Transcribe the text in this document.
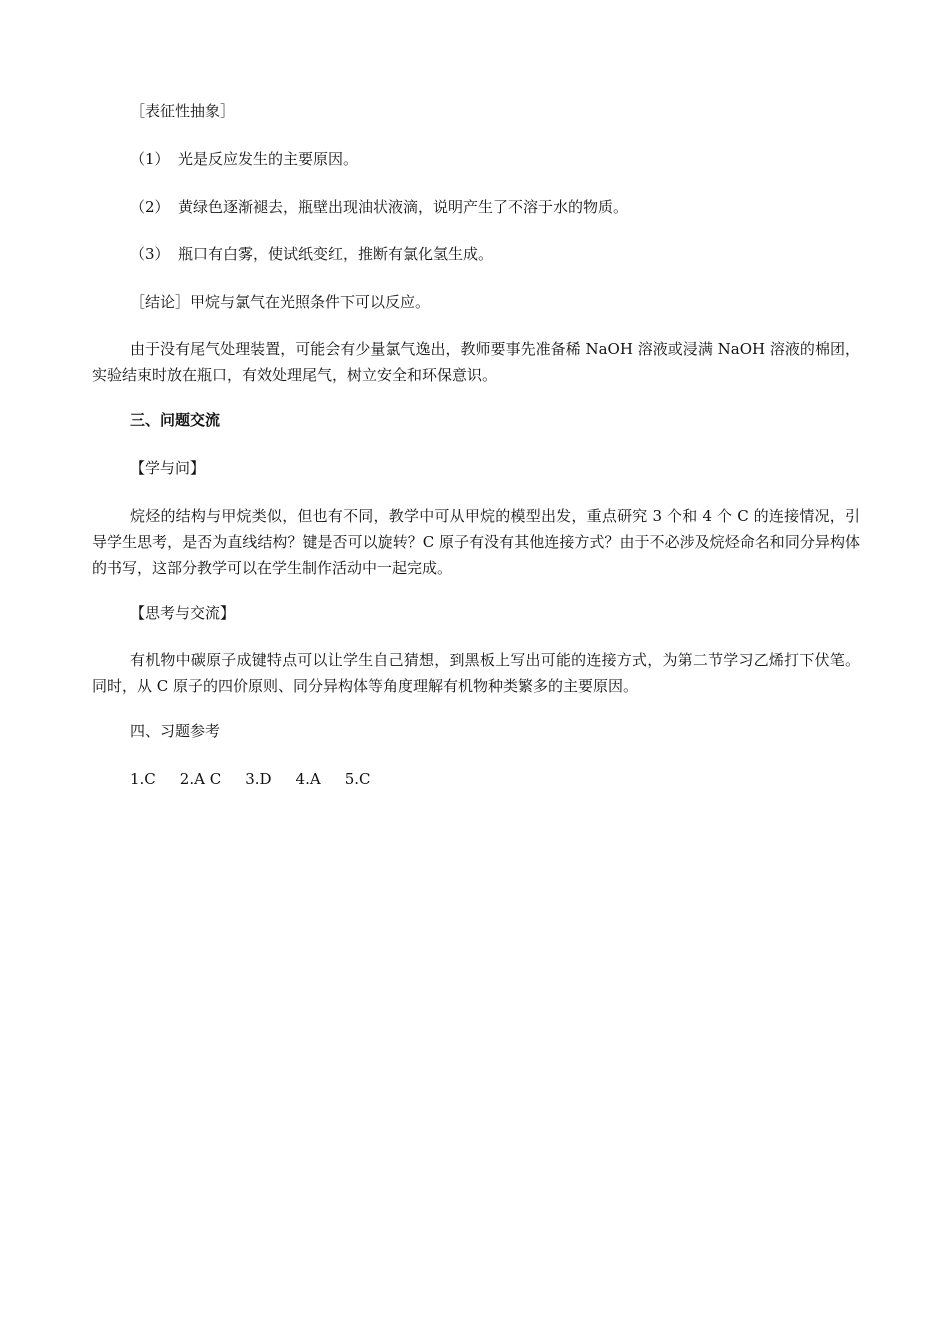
［表征性抽象］

（1） 光是反应发生的主要原因。

（2） 黄绿色逐渐褪去，瓶壁出现油状液滴，说明产生了不溶于水的物质。

（3） 瓶口有白雾，使试纸变红，推断有氯化氢生成。

［结论］甲烷与氯气在光照条件下可以反应。

由于没有尾气处理装置，可能会有少量氯气逸出，教师要事先准备稀 NaOH 溶液或浸满 NaOH 溶液的棉团，实验结束时放在瓶口，有效处理尾气，树立安全和环保意识。

三、问题交流

【学与问】

烷烃的结构与甲烷类似，但也有不同，教学中可从甲烷的模型出发，重点研究 3 个和 4 个 C 的连接情况，引导学生思考，是否为直线结构？键是否可以旋转？C 原子有没有其他连接方式？由于不必涉及烷烃命名和同分异构体的书写，这部分教学可以在学生制作活动中一起完成。

【思考与交流】

有机物中碳原子成键特点可以让学生自己猜想，到黑板上写出可能的连接方式，为第二节学习乙烯打下伏笔。同时，从 C 原子的四价原则、同分异构体等角度理解有机物种类繁多的主要原因。

四、习题参考

1.C 2.A C 3.D 4.A 5.C
